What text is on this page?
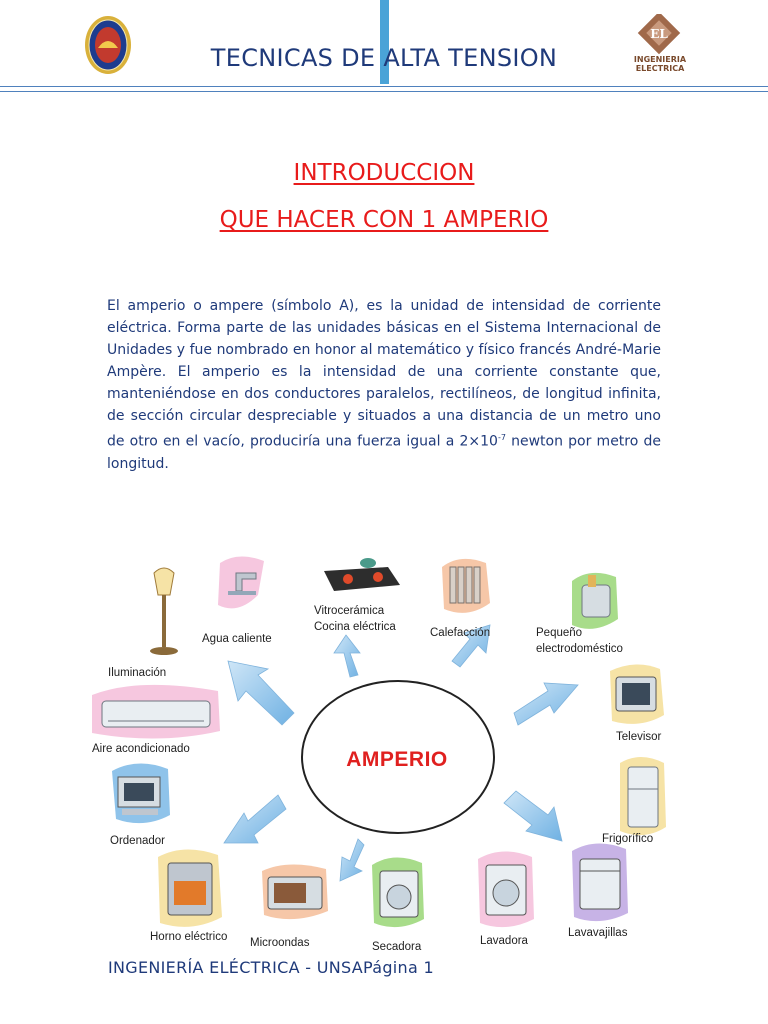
TECNICAS DE ALTA TENSION
EL
INGENIERIA
ELECTRICA
INTRODUCCION
QUE HACER CON 1 AMPERIO
El amperio o ampere (símbolo A), es la unidad de intensidad de corriente eléctrica. Forma parte de las unidades básicas en el Sistema Internacional de Unidades y fue nombrado en honor al matemático y físico francés André-Marie Ampère. El amperio es la intensidad de una corriente constante que, manteniéndose en dos conductores paralelos, rectilíneos, de longitud infinita, de sección circular despreciable y situados a una distancia de un metro uno de otro en el vacío, produciría una fuerza igual a $2\times 10^{-7}$ newton por metro de longitud.
AMPERIO
Iluminación
Agua caliente
Vitrocerámica
Cocina eléctrica	Calefacción	Pequeño
electrodoméstico
Aire acondicionado
Televisor
Ordenador	Frigorífico
Horno eléctrico Microondas	Secadora	Lavadora
Lavavajillas
INGENIERÍA ELÉCTRICA - UNSAPágina 1
